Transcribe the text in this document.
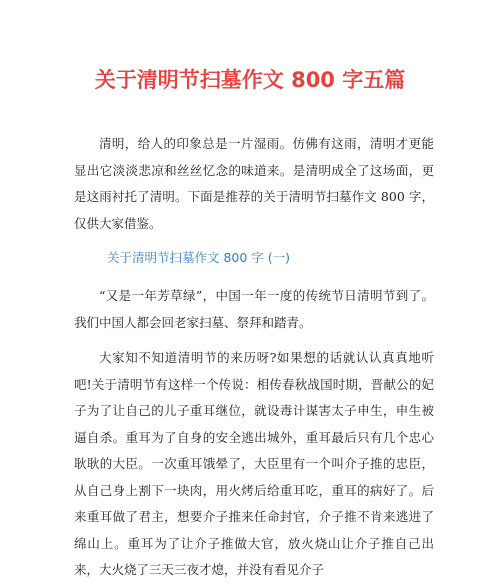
关于清明节扫墓作文 800 字五篇
清明，给人的印象总是一片湿雨。仿佛有这雨，清明才更能显出它淡淡悲凉和丝丝忆念的味道来。是清明成全了这场面，更是这雨衬托了清明。下面是推荐的关于清明节扫墓作文 800 字，仅供大家借鉴。
关于清明节扫墓作文 800 字 (一)
“又是一年芳草绿”，中国一年一度的传统节日清明节到了。我们中国人都会回老家扫墓、祭拜和踏青。
大家知不知道清明节的来历呀?如果想的话就认认真真地听吧!关于清明节有这样一个传说：相传春秋战国时期，晋献公的妃子为了让自己的儿子重耳继位，就设毒计谋害太子申生，申生被逼自杀。重耳为了自身的安全逃出城外，重耳最后只有几个忠心耿耿的大臣。一次重耳饿晕了，大臣里有一个叫介子推的忠臣，从自己身上割下一块肉，用火烤后给重耳吃，重耳的病好了。后来重耳做了君主，想要介子推来任命封官，介子推不肯来逃进了绵山上。重耳为了让介子推做大官，放火烧山让介子推自己出来，大火烧了三天三夜才熄，并没有看见介子
